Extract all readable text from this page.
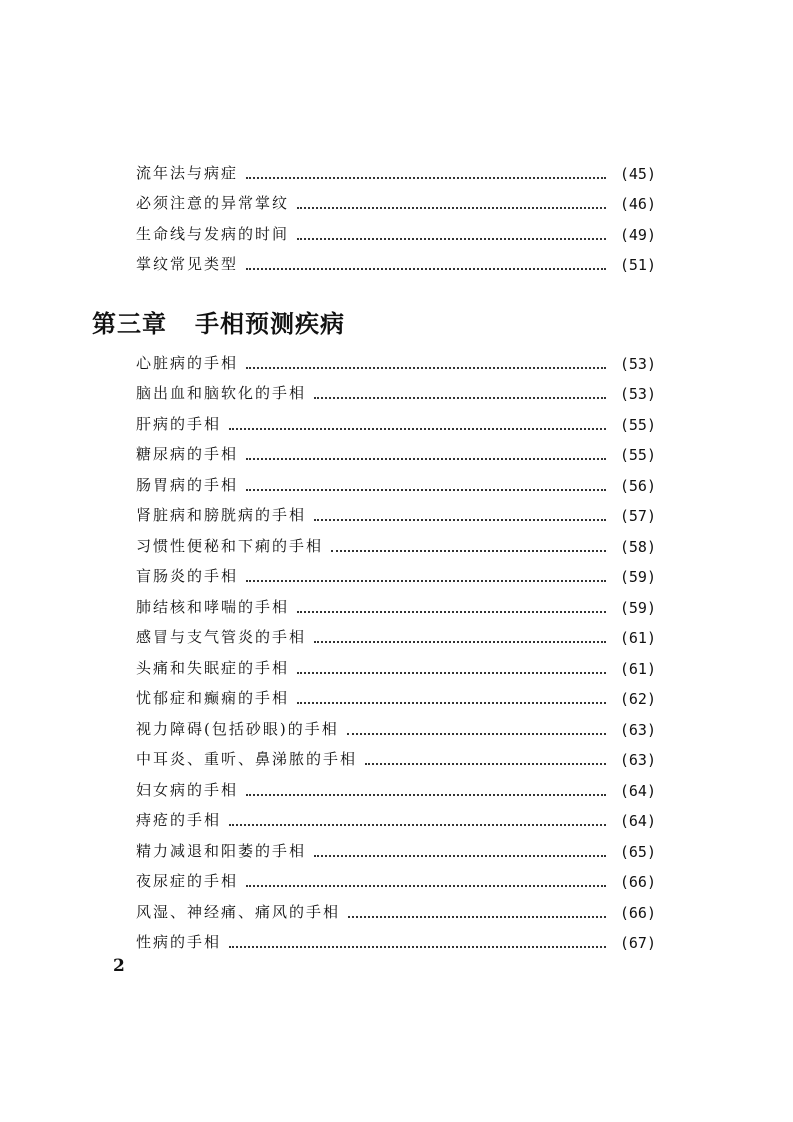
流年法与病症	(45)
必须注意的异常掌纹	(46)
生命线与发病的时间	(49)
掌纹常见类型	(51)
第三章 手相预测疾病
心脏病的手相	(53)
脑出血和脑软化的手相	(53)
肝病的手相	(55)
糖尿病的手相	(55)
肠胃病的手相	(56)
肾脏病和膀胱病的手相	(57)
习惯性便秘和下痢的手相	(58)
盲肠炎的手相	(59)
肺结核和哮喘的手相	(59)
感冒与支气管炎的手相	(61)
头痛和失眠症的手相	(61)
忧郁症和癫痫的手相	(62)
视力障碍(包括砂眼)的手相	(63)
中耳炎、重听、鼻涕脓的手相	(63)
妇女病的手相	(64)
痔疮的手相	(64)
精力减退和阳萎的手相	(65)
夜尿症的手相	(66)
风湿、神经痛、痛风的手相	(66)
性病的手相	(67)
2
